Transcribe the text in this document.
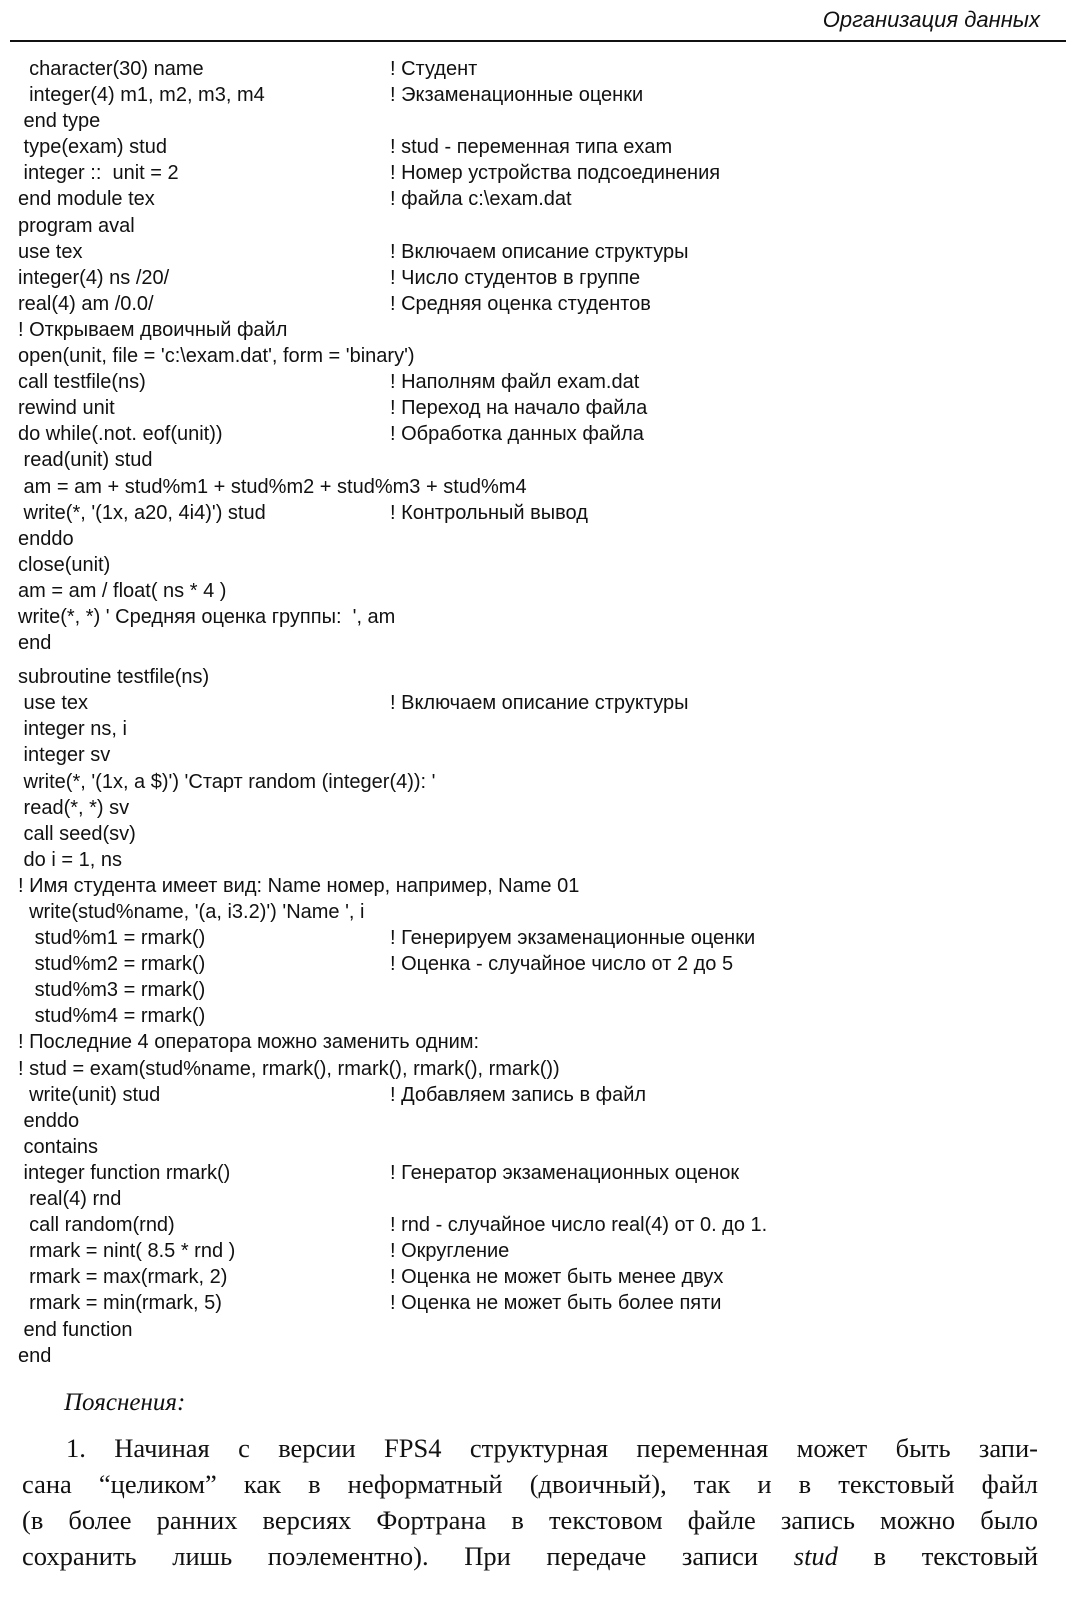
Организация данных
character(30) name	! Студент
integer(4) m1, m2, m3, m4	! Экзаменационные оценки
end type
type(exam) stud	! stud - переменная типа exam
integer ::  unit = 2	! Номер устройства подсоединения
end module tex	! файла c:\exam.dat
program aval
use tex	! Включаем описание структуры
integer(4) ns /20/	! Число студентов в группе
real(4) am /0.0/	! Средняя оценка студентов
! Открываем двоичный файл
open(unit, file = 'c:\exam.dat', form = 'binary')
call testfile(ns)	! Наполням файл exam.dat
rewind unit	! Переход на начало файла
do while(.not. eof(unit))	! Обработка данных файла
read(unit) stud
am = am + stud%m1 + stud%m2 + stud%m3 + stud%m4
write(*, '(1x, a20, 4i4)') stud	! Контрольный вывод
enddo
close(unit)
am = am / float( ns * 4 )
write(*, *) ' Средняя оценка группы:  ', am
end
subroutine testfile(ns)
use tex	! Включаем описание структуры
integer ns, i
integer sv
write(*, '(1x, a $)') 'Старт random (integer(4)): '
read(*, *) sv
call seed(sv)
do i = 1, ns
! Имя студента имеет вид: Name номер, например, Name 01
write(stud%name, '(a, i3.2)') 'Name ', i
stud%m1 = rmark()	! Генерируем экзаменационные оценки
stud%m2 = rmark()	! Оценка - случайное число от 2 до 5
stud%m3 = rmark()
stud%m4 = rmark()
! Последние 4 оператора можно заменить одним:
! stud = exam(stud%name, rmark(), rmark(), rmark(), rmark())
write(unit) stud	! Добавляем запись в файл
enddo
contains
integer function rmark()	! Генератор экзаменационных оценок
real(4) rnd
call random(rnd)	! rnd - случайное число real(4) от 0. до 1.
rmark = nint( 8.5 * rnd )	! Округление
rmark = max(rmark, 2)	! Оценка не может быть менее двух
rmark = min(rmark, 5)	! Оценка не может быть более пяти
end function
end
Пояснения:
1. Начиная с версии FPS4 структурная переменная может быть запи-
сана “целиком” как в неформатный (двоичный), так и в текстовый файл
(в более ранних версиях Фортрана в текстовом файле запись можно было
сохранить лишь поэлементно). При передаче записи stud в текстовый
